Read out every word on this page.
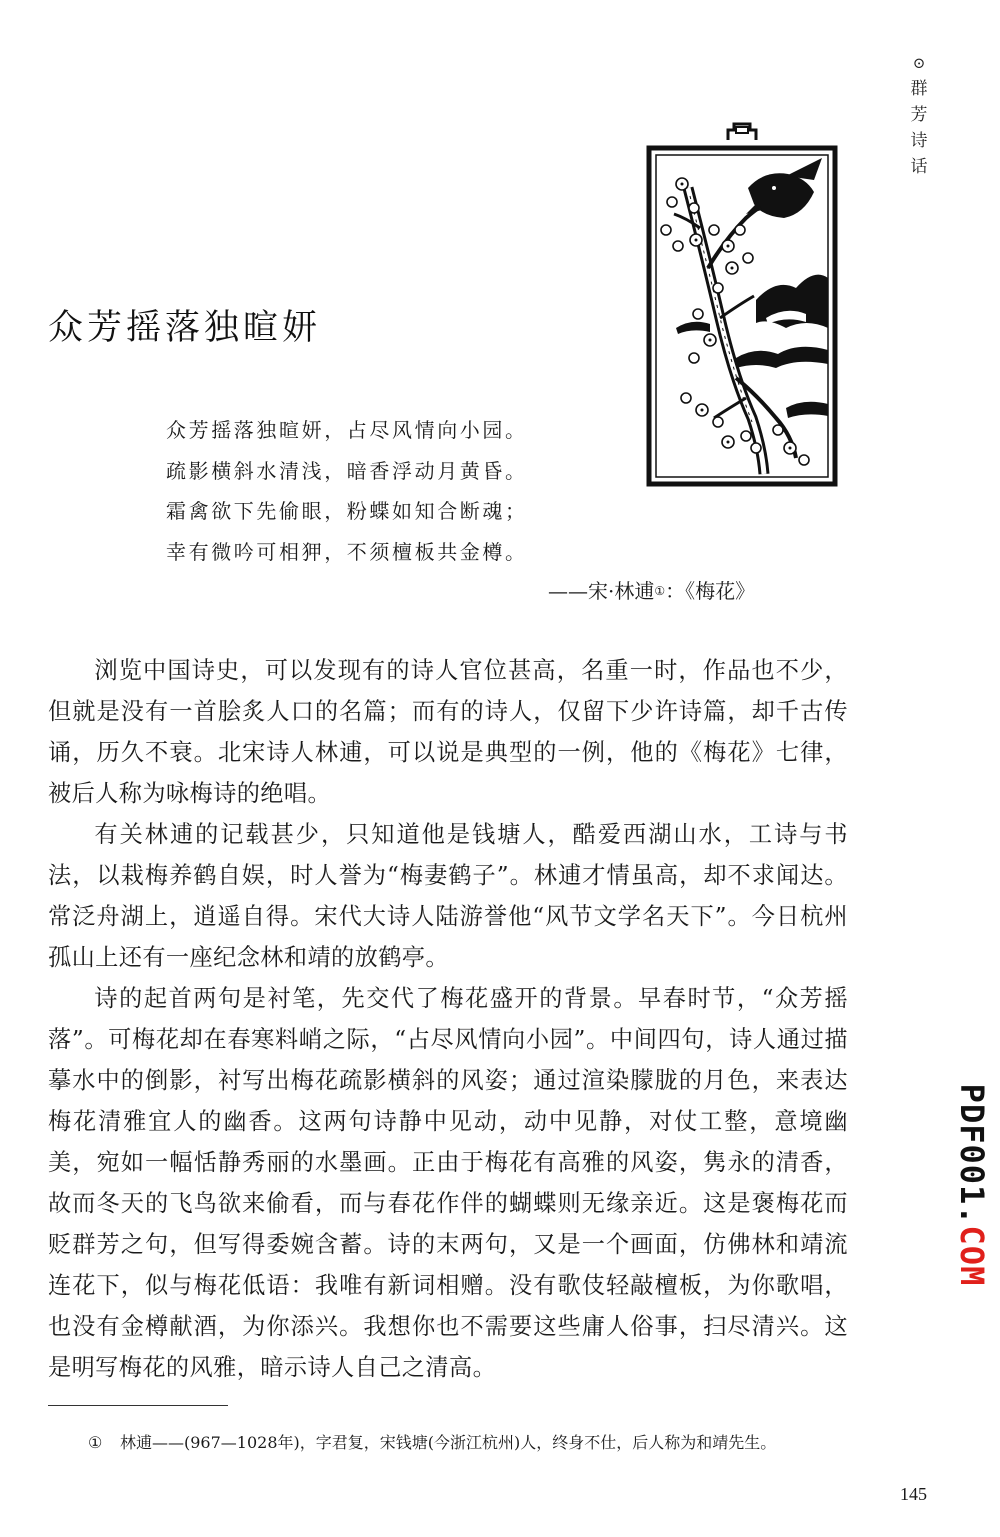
⊙
群
芳
诗
话
众芳摇落独暄妍
众芳摇落独暄妍，占尽风情向小园。
疏影横斜水清浅，暗香浮动月黄昏。
霜禽欲下先偷眼，粉蝶如知合断魂；
幸有微吟可相狎，不须檀板共金樽。
——宋·林逋①：《梅花》

浏览中国诗史，可以发现有的诗人官位甚高，名重一时，作品也不少，但就是没有一首脍炙人口的名篇；而有的诗人，仅留下少许诗篇，却千古传诵，历久不衰。北宋诗人林逋，可以说是典型的一例，他的《梅花》七律，被后人称为咏梅诗的绝唱。

有关林逋的记载甚少，只知道他是钱塘人，酷爱西湖山水，工诗与书法，以栽梅养鹤自娱，时人誉为“梅妻鹤子”。林逋才情虽高，却不求闻达。常泛舟湖上，逍遥自得。宋代大诗人陆游誉他“风节文学名天下”。今日杭州孤山上还有一座纪念林和靖的放鹤亭。

诗的起首两句是衬笔，先交代了梅花盛开的背景。早春时节，“众芳摇落”。可梅花却在春寒料峭之际，“占尽风情向小园”。中间四句，诗人通过描摹水中的倒影，衬写出梅花疏影横斜的风姿；通过渲染朦胧的月色，来表达梅花清雅宜人的幽香。这两句诗静中见动，动中见静，对仗工整，意境幽美，宛如一幅恬静秀丽的水墨画。正由于梅花有高雅的风姿，隽永的清香，故而冬天的飞鸟欲来偷看，而与春花作伴的蝴蝶则无缘亲近。这是褒梅花而贬群芳之句，但写得委婉含蓄。诗的末两句，又是一个画面，仿佛林和靖流连花下，似与梅花低语：我唯有新词相赠。没有歌伎轻敲檀板，为你歌唱，也没有金樽献酒，为你添兴。我想你也不需要这些庸人俗事，扫尽清兴。这是明写梅花的风雅，暗示诗人自己之清高。

① 林逋——(967—1028年)，字君复，宋钱塘(今浙江杭州)人，终身不仕，后人称为和靖先生。
145
PDF001.COM
